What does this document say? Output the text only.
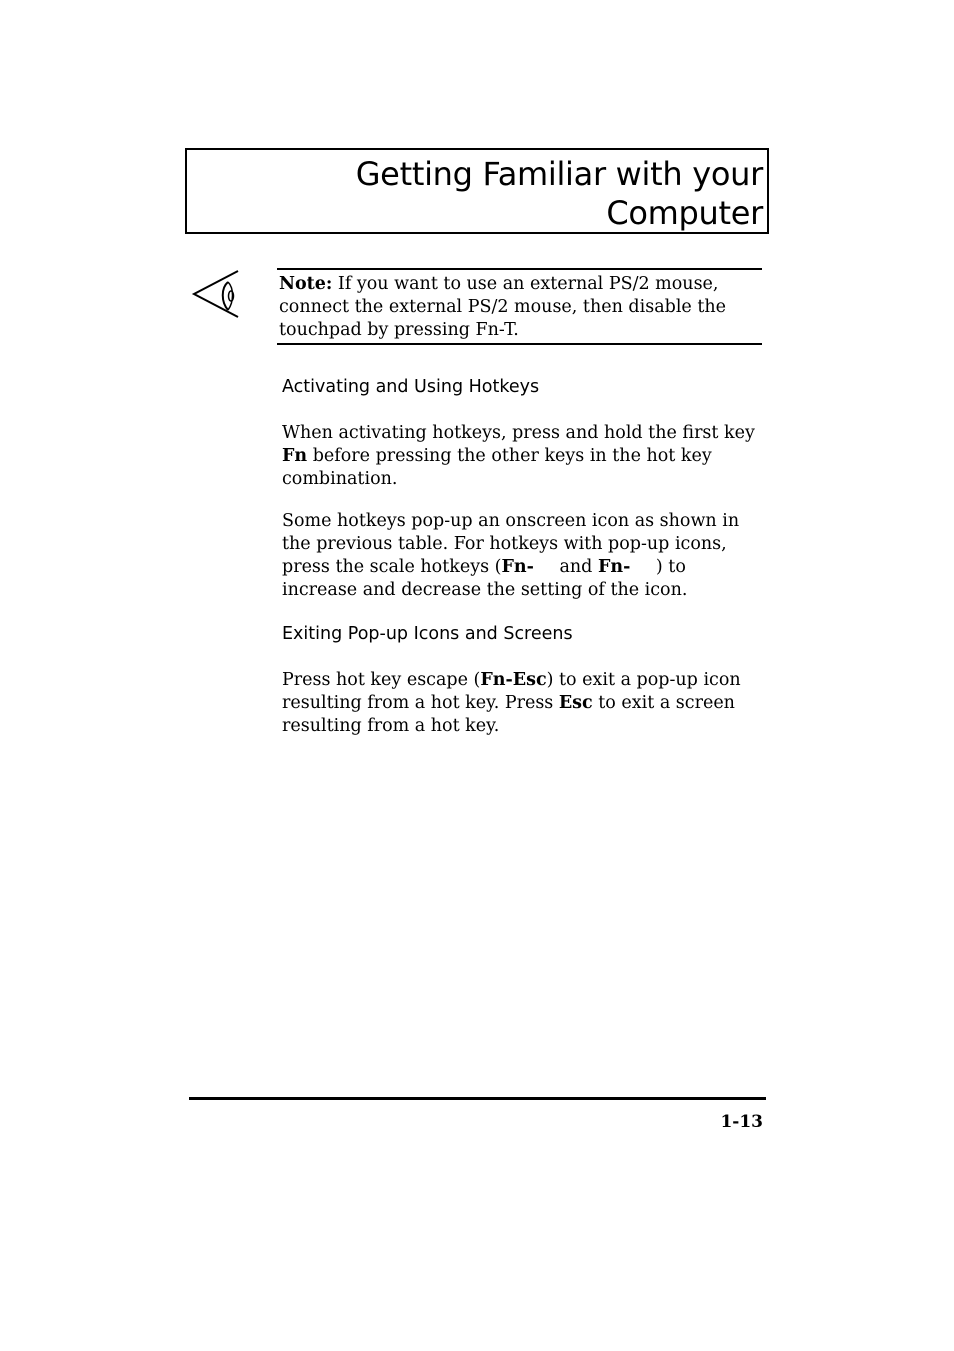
Getting Familiar with your
Computer
Note: If you want to use an external PS/2 mouse, connect the external PS/2 mouse, then disable the touchpad by pressing Fn-T.
Activating and Using Hotkeys
When activating hotkeys, press and hold the first key Fn before pressing the other keys in the hot key combination.
Some hotkeys pop-up an onscreen icon as shown in the previous table. For hotkeys with pop-up icons, press the scale hotkeys (Fn- and Fn- ) to increase and decrease the setting of the icon.
Exiting Pop-up Icons and Screens
Press hot key escape (Fn-Esc) to exit a pop-up icon resulting from a hot key. Press Esc to exit a screen resulting from a hot key.
1-13
